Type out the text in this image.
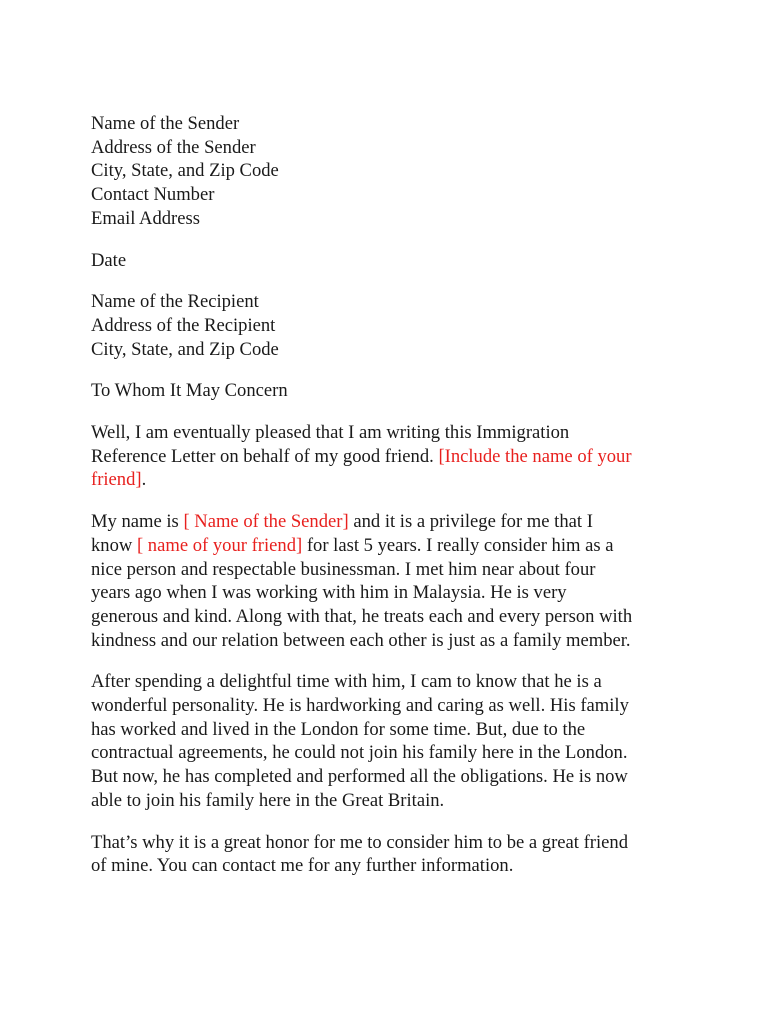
Name of the Sender
Address of the Sender
City, State, and Zip Code
Contact Number
Email Address
Date
Name of the Recipient
Address of the Recipient
City, State, and Zip Code
To Whom It May Concern
Well, I am eventually pleased that I am writing this Immigration
Reference Letter on behalf of my good friend. [Include the name of your
friend].
My name is [ Name of the Sender] and it is a privilege for me that I
know [ name of your friend] for last 5 years. I really consider him as a
nice person and respectable businessman. I met him near about four
years ago when I was working with him in Malaysia. He is very
generous and kind. Along with that, he treats each and every person with
kindness and our relation between each other is just as a family member.
After spending a delightful time with him, I cam to know that he is a
wonderful personality. He is hardworking and caring as well. His family
has worked and lived in the London for some time. But, due to the
contractual agreements, he could not join his family here in the London.
But now, he has completed and performed all the obligations. He is now
able to join his family here in the Great Britain.
That’s why it is a great honor for me to consider him to be a great friend
of mine. You can contact me for any further information.
